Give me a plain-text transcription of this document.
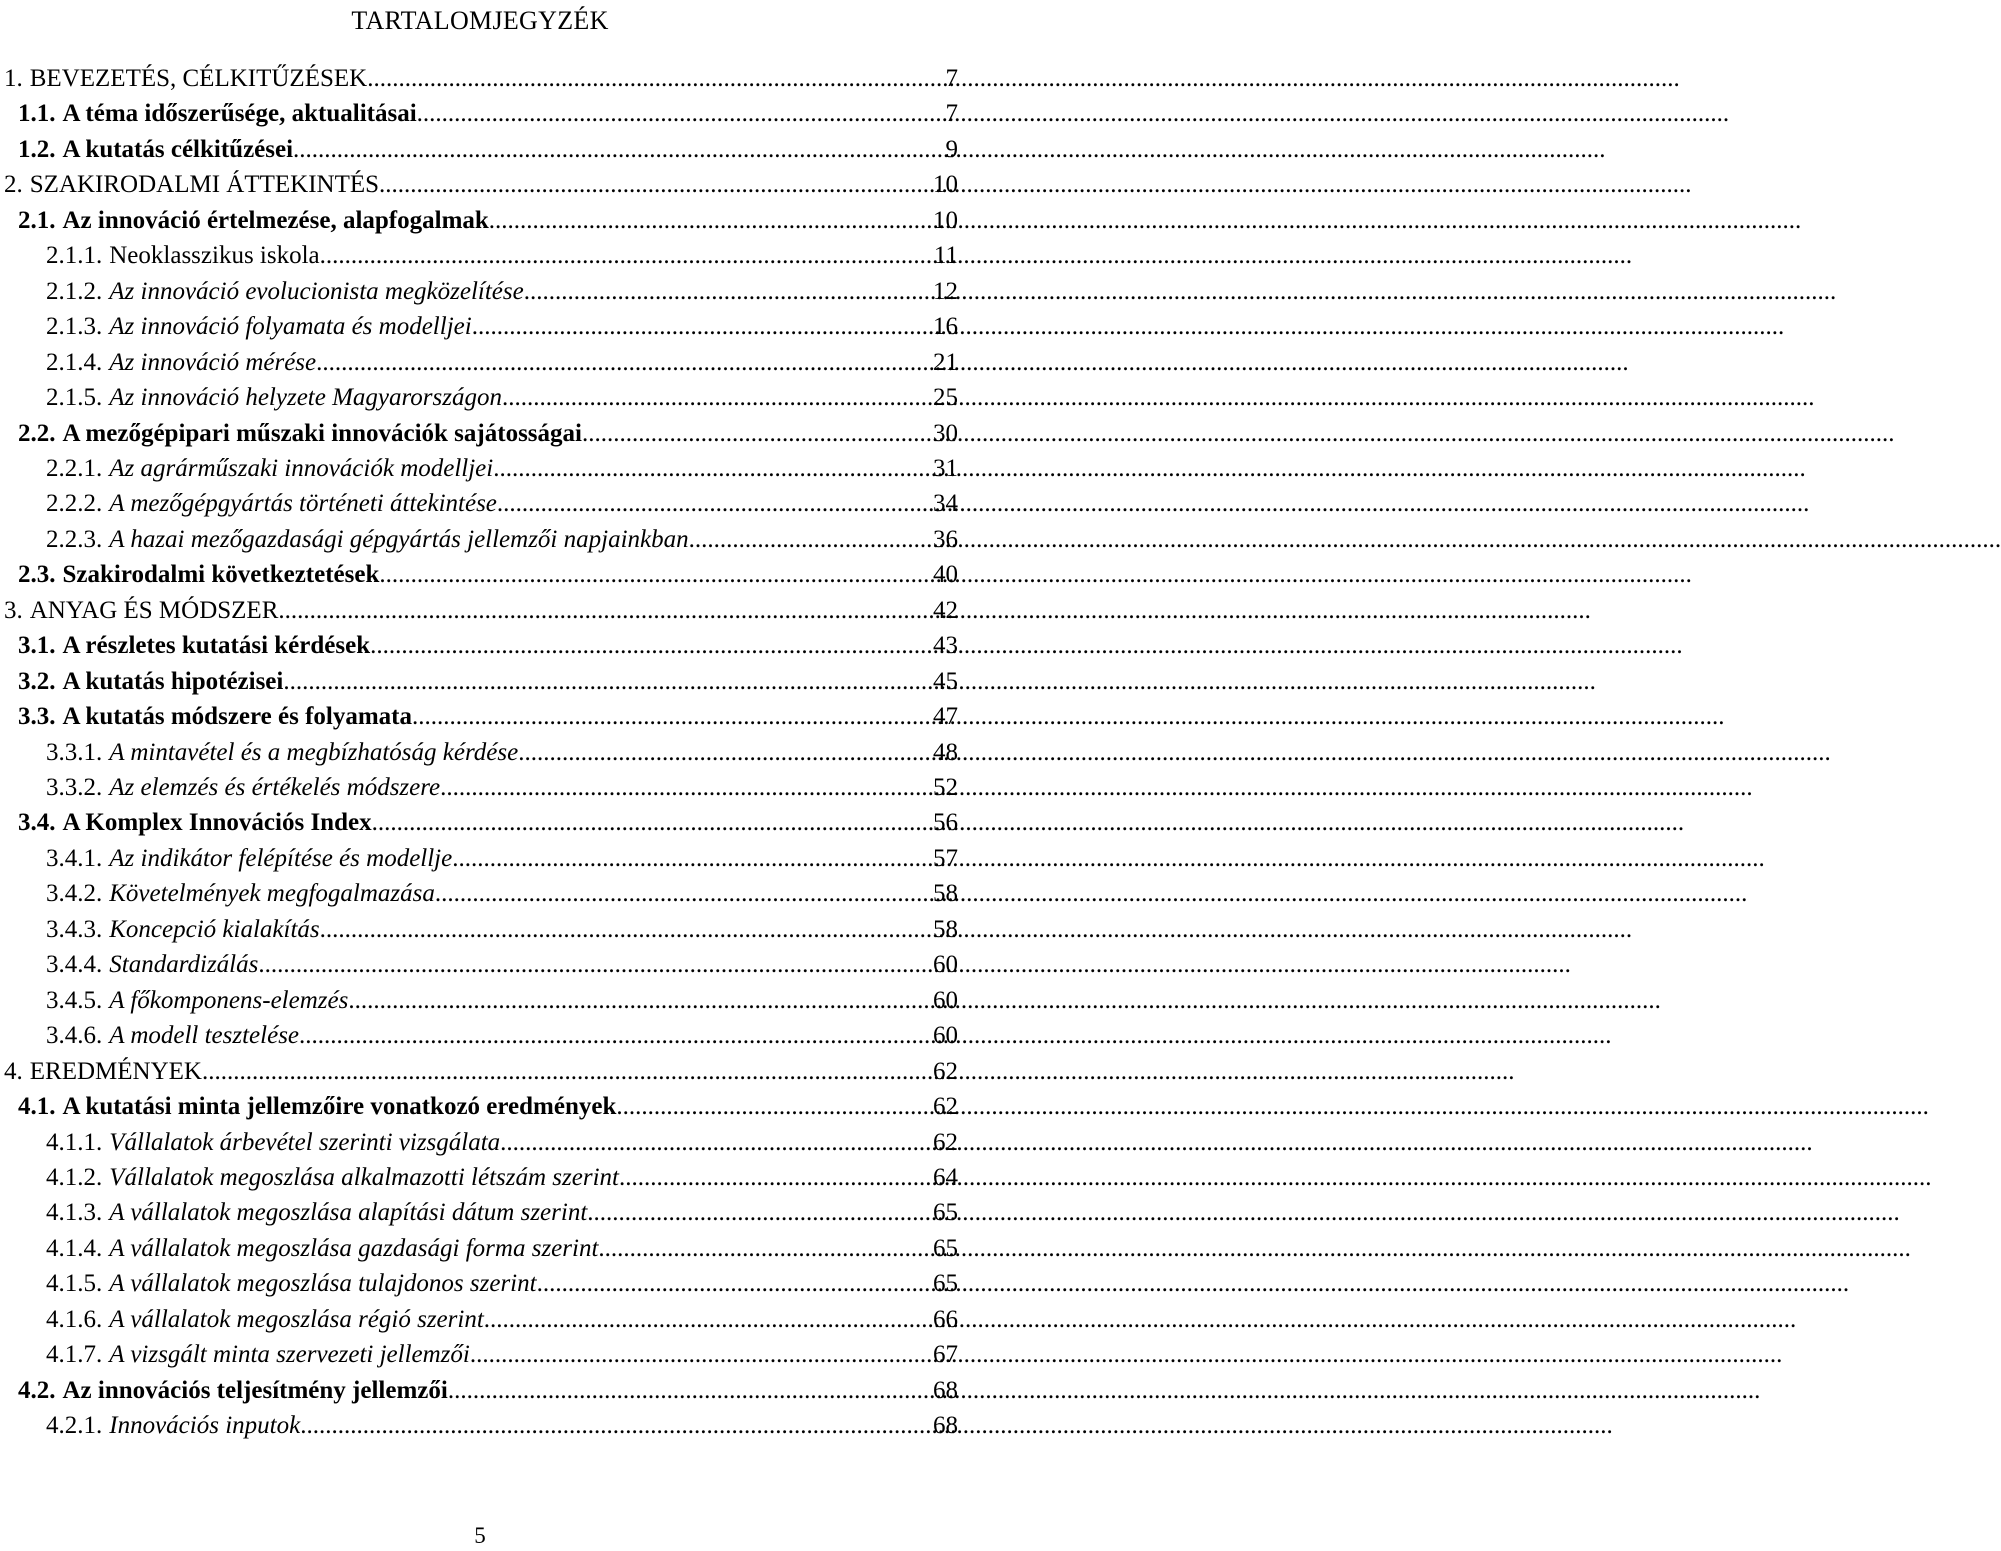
TARTALOMJEGYZÉK
1. BEVEZETÉS, CÉLKITŰZÉSEK .....	7
1.1. A téma időszerűsége, aktualitásai .....	7
1.2. A kutatás célkitűzései .....	9
2. SZAKIRODALMI ÁTTEKINTÉS .....	10
2.1. Az innováció értelmezése, alapfogalmak .....	10
2.1.1. Neoklasszikus iskola .....	11
2.1.2. Az innováció evolucionista megközelítése .....	12
2.1.3. Az innováció folyamata és modelljei .....	16
2.1.4. Az innováció mérése .....	21
2.1.5. Az innováció helyzete Magyarországon .....	25
2.2. A mezőgépipari műszaki innovációk sajátosságai .....	30
2.2.1. Az agrárműszaki innovációk modelljei .....	31
2.2.2. A mezőgépgyártás történeti áttekintése .....	34
2.2.3. A hazai mezőgazdasági gépgyártás jellemzői napjainkban .....	36
2.3. Szakirodalmi következtetések .....	40
3. ANYAG ÉS MÓDSZER .....	42
3.1. A részletes kutatási kérdések .....	43
3.2. A kutatás hipotézisei .....	45
3.3. A kutatás módszere és folyamata .....	47
3.3.1. A mintavétel és a megbízhatóság kérdése .....	48
3.3.2. Az elemzés és értékelés módszere .....	52
3.4. A Komplex Innovációs Index .....	56
3.4.1. Az indikátor felépítése és modellje .....	57
3.4.2. Követelmények megfogalmazása .....	58
3.4.3. Koncepció kialakítás .....	58
3.4.4. Standardizálás .....	60
3.4.5. A főkomponens-elemzés .....	60
3.4.6. A modell tesztelése .....	60
4. EREDMÉNYEK .....	62
4.1. A kutatási minta jellemzőire vonatkozó eredmények .....	62
4.1.1. Vállalatok árbevétel szerinti vizsgálata .....	62
4.1.2. Vállalatok megoszlása alkalmazotti létszám szerint .....	64
4.1.3. A vállalatok megoszlása alapítási dátum szerint .....	65
4.1.4. A vállalatok megoszlása gazdasági forma szerint .....	65
4.1.5. A vállalatok megoszlása tulajdonos szerint .....	65
4.1.6. A vállalatok megoszlása régió szerint .....	66
4.1.7. A vizsgált minta szervezeti jellemzői .....	67
4.2. Az innovációs teljesítmény jellemzői .....	68
4.2.1. Innovációs inputok .....	68
5
